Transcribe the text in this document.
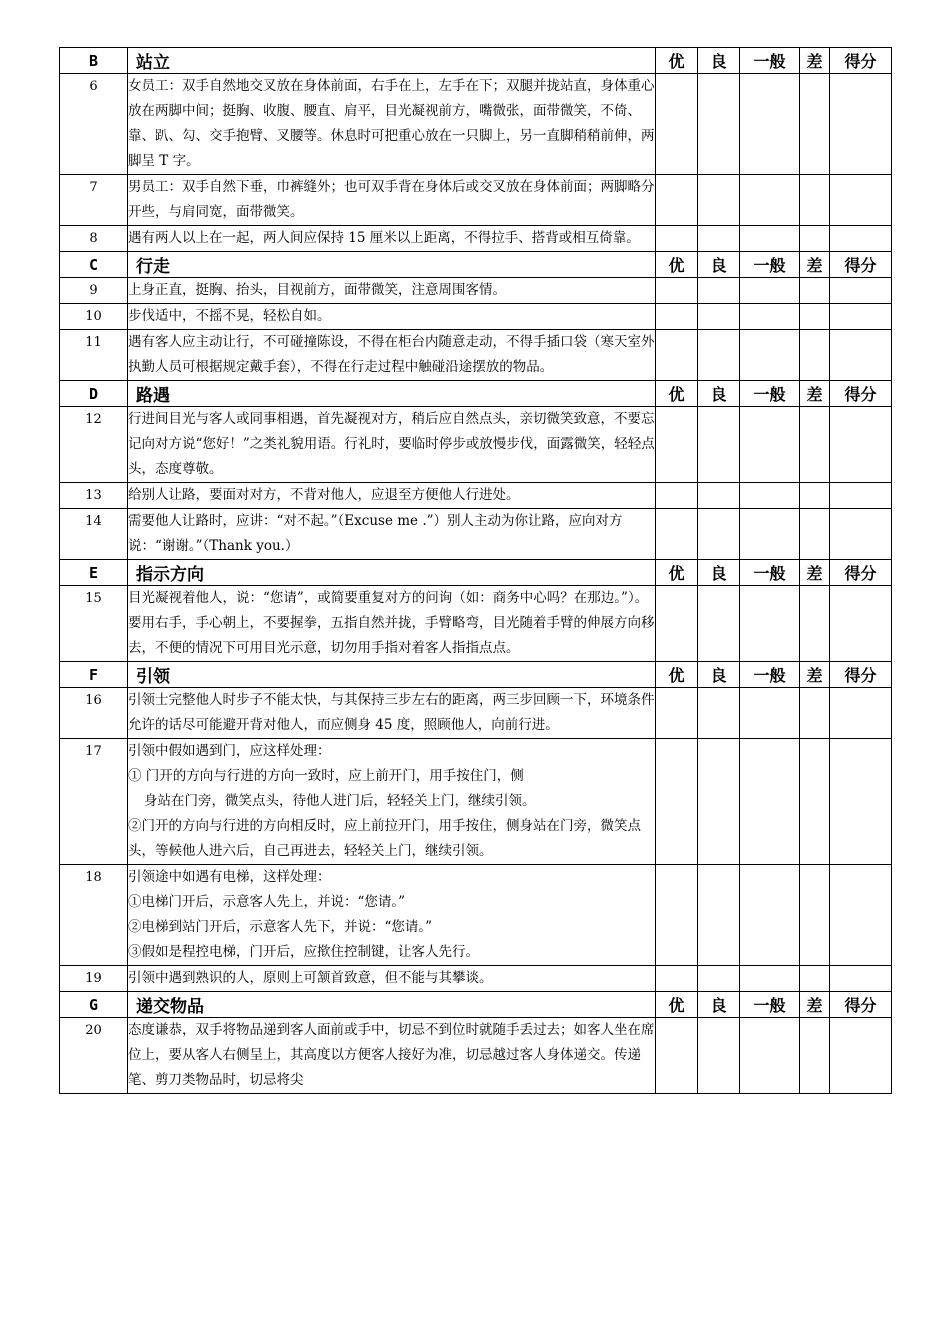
B	站立	优	良	一般	差	得分
6	女员工：双手自然地交叉放在身体前面，右手在上，左手在下；双腿并拢站直，身体重心放在两脚中间；挺胸、收腹、腰直、肩平，目光凝视前方，嘴微张，面带微笑，不倚、靠、趴、勾、交手抱臂、叉腰等。休息时可把重心放在一只脚上，另一直脚稍稍前伸，两脚呈 T 字。					

7	男员工：双手自然下垂，巾裤缝外；也可双手背在身体后或交叉放在身体前面；两脚略分开些，与肩同宽，面带微笑。					

8	遇有两人以上在一起，两人间应保持 15 厘米以上距离，不得拉手、搭背或相互倚靠。					

C	行走	优	良	一般	差	得分
9	上身正直，挺胸、抬头，目视前方，面带微笑，注意周围客情。					

10	步伐适中，不摇不晃，轻松自如。					

11	遇有客人应主动让行，不可碰撞陈设，不得在柜台内随意走动，不得手插口袋（寒天室外执勤人员可根据规定戴手套），不得在行走过程中触碰沿途摆放的物品。					

D	路遇	优	良	一般	差	得分
12	行进间目光与客人或同事相遇，首先凝视对方，稍后应自然点头，亲切微笑致意，不要忘记向对方说“您好！”之类礼貌用语。行礼时，要临时停步或放慢步伐，面露微笑，轻轻点头，态度尊敬。					

13	给别人让路，要面对对方，不背对他人，应退至方便他人行进处。					

14	需要他人让路时，应讲：“对不起。”（Excuse me .”）别人主动为你让路，应向对方说：“谢谢。”（Thank you.）					

E	指示方向	优	良	一般	差	得分
15	目光凝视着他人，说：“您请”，或简要重复对方的问询（如：商务中心吗？在那边。”）。要用右手，手心朝上，不要握拳，五指自然并拢，手臂略弯，目光随着手臂的伸展方向移去，不便的情况下可用目光示意，切勿用手指对着客人指指点点。					

F	引领	优	良	一般	差	得分
16	引领士完整他人时步子不能太快，与其保持三步左右的距离，两三步回顾一下，环境条件允许的话尽可能避开背对他人，而应侧身 45 度，照顾他人，向前行进。					

17	引领中假如遇到门，应这样处理：
① 门开的方向与行进的方向一致时，应上前开门，用手按住门，侧
身站在门旁，微笑点头，待他人进门后，轻轻关上门，继续引领。
②门开的方向与行进的方向相反时，应上前拉开门，用手按住，侧身站在门旁，微笑点头，等候他人进六后，自己再进去，轻轻关上门，继续引领。					

18	引领途中如遇有电梯，这样处理：
①电梯门开后，示意客人先上，并说：“您请。”
②电梯到站门开后，示意客人先下，并说：“您请。”
③假如是程控电梯，门开后，应揿住控制键，让客人先行。					

19	引领中遇到熟识的人，原则上可颔首致意，但不能与其攀谈。					

G	递交物品	优	良	一般	差	得分
20	态度谦恭，双手将物品递到客人面前或手中，切忌不到位时就随手丢过去；如客人坐在席位上，要从客人右侧呈上，其高度以方便客人接好为准，切忌越过客人身体递交。传递笔、剪刀类物品时，切忌将尖					
